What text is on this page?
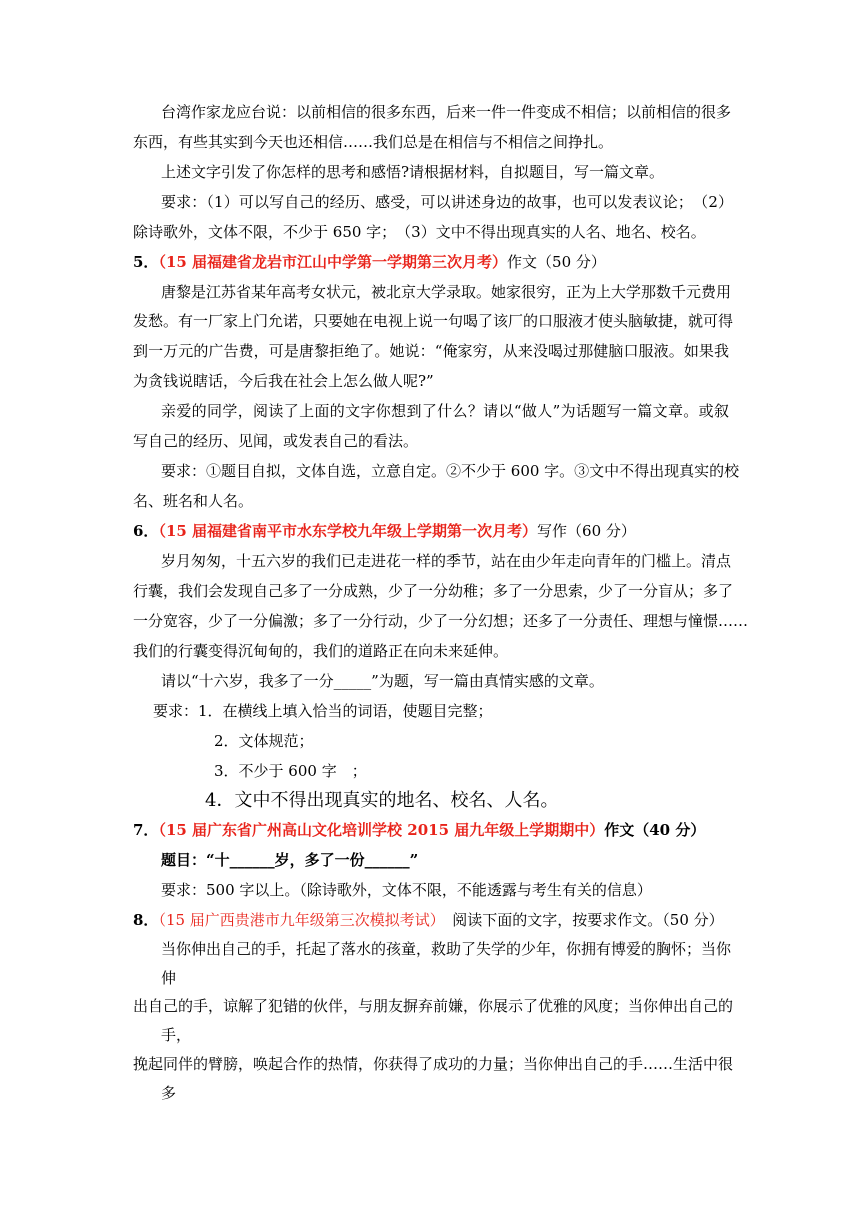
台湾作家龙应台说：以前相信的很多东西，后来一件一件变成不相信；以前相信的很多
东西，有些其实到今天也还相信……我们总是在相信与不相信之间挣扎。
上述文字引发了你怎样的思考和感悟?请根据材料，自拟题目，写一篇文章。
要求：（1）可以写自己的经历、感受，可以讲述身边的故事，也可以发表议论；　（2）
除诗歌外，文体不限，不少于 650 字；　（3）文中不得出现真实的人名、地名、校名。
5．（15 届福建省龙岩市江山中学第一学期第三次月考）作文（50 分）
唐黎是江苏省某年高考女状元，被北京大学录取。她家很穷，正为上大学那数千元费用
发愁。有一厂家上门允诺，只要她在电视上说一句喝了该厂的口服液才使头脑敏捷，就可得
到一万元的广告费，可是唐黎拒绝了。她说：“俺家穷，从来没喝过那健脑口服液。如果我
为贪钱说瞎话，今后我在社会上怎么做人呢?”
亲爱的同学，阅读了上面的文字你想到了什么？请以“做人”为话题写一篇文章。或叙
写自己的经历、见闻，或发表自己的看法。
要求：①题目自拟，文体自选，立意自定。②不少于 600 字。③文中不得出现真实的校
名、班名和人名。
6．（15 届福建省南平市水东学校九年级上学期第一次月考）写作（60 分）
岁月匆匆，十五六岁的我们已走进花一样的季节，站在由少年走向青年的门槛上。清点
行囊，我们会发现自己多了一分成熟，少了一分幼稚；多了一分思索，少了一分盲从；多了
一分宽容，少了一分偏激；多了一分行动，少了一分幻想；还多了一分责任、理想与憧憬……
我们的行囊变得沉甸甸的，我们的道路正在向未来延伸。
请以“十六岁，我多了一分_____”为题，写一篇由真情实感的文章。
要求：1．在横线上填入恰当的词语，使题目完整；
2．文体规范；
3．不少于 600 字　；
4．文中不得出现真实的地名、校名、人名。
7．（15 届广东省广州高山文化培训学校 2015 届九年级上学期期中）作文（40 分）
题目：“十______岁，多了一份______”
要求：500 字以上。（除诗歌外，文体不限，不能透露与考生有关的信息）
8．（15 届广西贵港市九年级第三次模拟考试）　阅读下面的文字，按要求作文。（50 分）
当你伸出自己的手，托起了落水的孩童，救助了失学的少年，你拥有博爱的胸怀；当你
伸
出自己的手，谅解了犯错的伙伴，与朋友摒弃前嫌，你展示了优雅的风度；当你伸出自己的
手，
挽起同伴的臂膀，唤起合作的热情，你获得了成功的力量；当你伸出自己的手……生活中很
多
